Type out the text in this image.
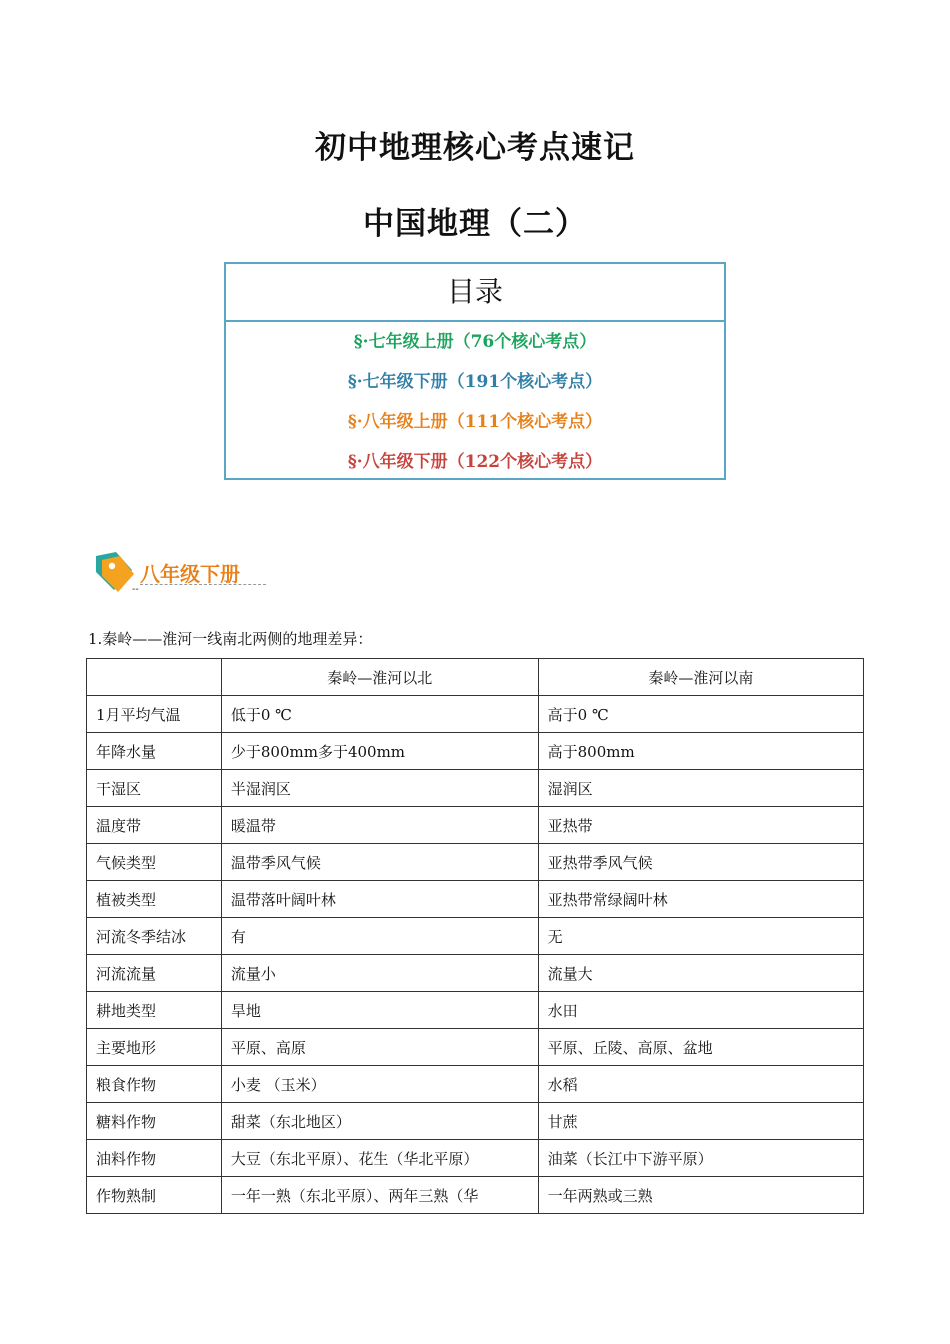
初中地理核心考点速记
中国地理（二）
目录
§·七年级上册（76个核心考点）
§·七年级下册（191个核心考点）
§·八年级上册（111个核心考点）
§·八年级下册（122个核心考点）
八年级下册
--
1.秦岭——淮河一线南北两侧的地理差异：
	秦岭—淮河以北	秦岭—淮河以南
1月平均气温	低于0 ℃	高于0 ℃
年降水量	少于800mm多于400mm	高于800mm
干湿区	半湿润区	湿润区
温度带	暖温带	亚热带
气候类型	温带季风气候	亚热带季风气候
植被类型	温带落叶阔叶林	亚热带常绿阔叶林
河流冬季结冰	有	无
河流流量	流量小	流量大
耕地类型	旱地	水田
主要地形	平原、高原	平原、丘陵、高原、盆地
粮食作物	小麦 （玉米）	水稻
糖料作物	甜菜（东北地区）	甘蔗
油料作物	大豆（东北平原）、花生（华北平原）	油菜（长江中下游平原）
作物熟制	一年一熟（东北平原）、两年三熟（华	一年两熟或三熟
